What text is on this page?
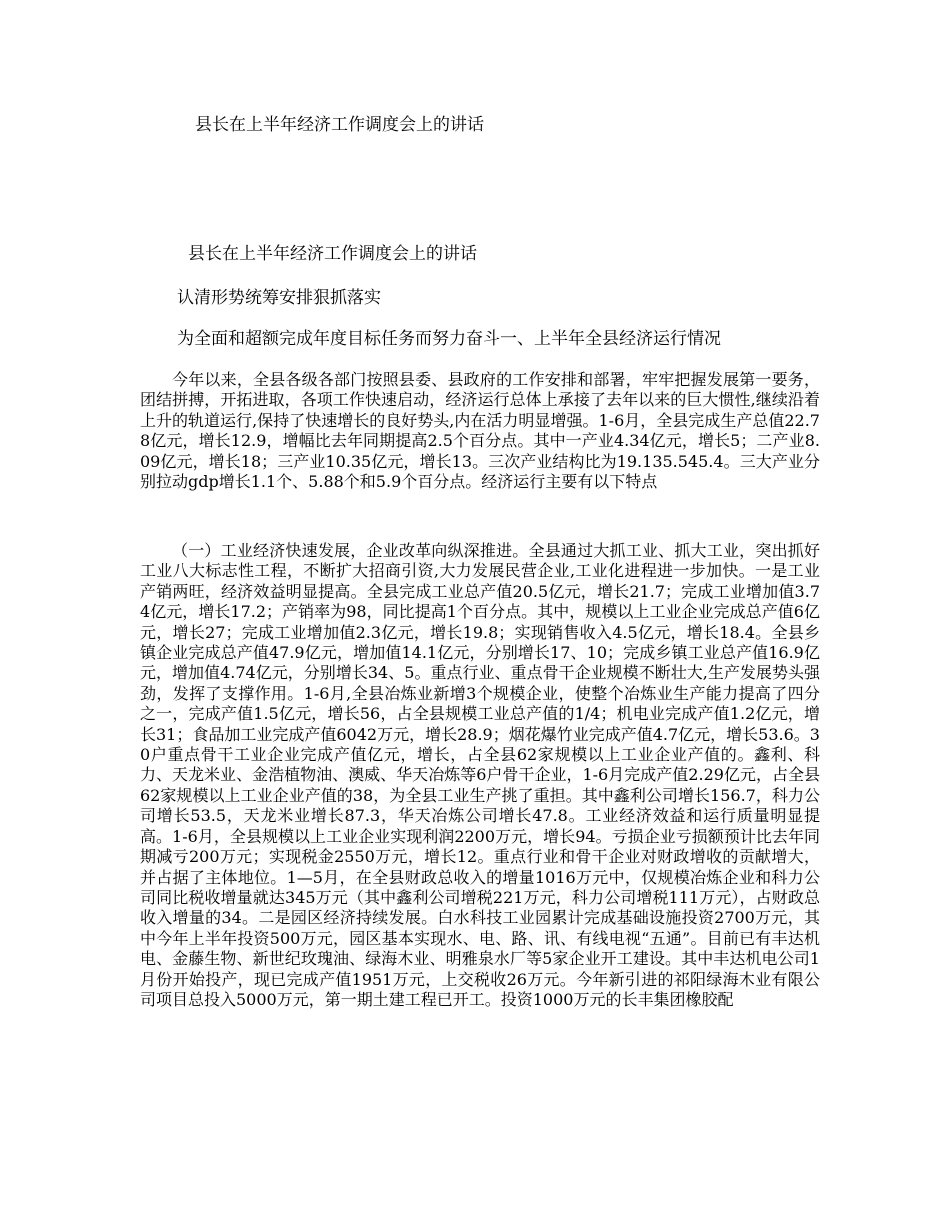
县长在上半年经济工作调度会上的讲话
县长在上半年经济工作调度会上的讲话
认清形势统筹安排狠抓落实
为全面和超额完成年度目标任务而努力奋斗一、上半年全县经济运行情况

今年以来，全县各级各部门按照县委、县政府的工作安排和部署，牢牢把握发展第一要务，团结拼搏，开拓进取，各项工作快速启动，经济运行总体上承接了去年以来的巨大惯性,继续沿着上升的轨道运行,保持了快速增长的良好势头,内在活力明显增强。1-6月，全县完成生产总值22.78亿元，增长12.9，增幅比去年同期提高2.5个百分点。其中一产业4.34亿元，增长5；二产业8.09亿元，增长18；三产业10.35亿元，增长13。三次产业结构比为19.135.545.4。三大产业分别拉动gdp增长1.1个、5.88个和5.9个百分点。经济运行主要有以下特点

（一）工业经济快速发展，企业改革向纵深推进。全县通过大抓工业、抓大工业，突出抓好工业八大标志性工程，不断扩大招商引资,大力发展民营企业,工业化进程进一步加快。一是工业产销两旺，经济效益明显提高。全县完成工业总产值20.5亿元，增长21.7；完成工业增加值3.74亿元，增长17.2；产销率为98，同比提高1个百分点。其中，规模以上工业企业完成总产值6亿元，增长27；完成工业增加值2.3亿元，增长19.8；实现销售收入4.5亿元，增长18.4。全县乡镇企业完成总产值47.9亿元，增加值14.1亿元，分别增长17、10；完成乡镇工业总产值16.9亿元，增加值4.74亿元，分别增长34、5。重点行业、重点骨干企业规模不断壮大,生产发展势头强劲，发挥了支撑作用。1-6月,全县冶炼业新增3个规模企业，使整个冶炼业生产能力提高了四分之一，完成产值1.5亿元，增长56，占全县规模工业总产值的1/4；机电业完成产值1.2亿元，增长31；食品加工业完成产值6042万元，增长28.9；烟花爆竹业完成产值4.7亿元，增长53.6。30户重点骨干工业企业完成产值亿元，增长，占全县62家规模以上工业企业产值的。鑫利、科力、天龙米业、金浩植物油、澳威、华天冶炼等6户骨干企业，1-6月完成产值2.29亿元，占全县62家规模以上工业企业产值的38，为全县工业生产挑了重担。其中鑫利公司增长156.7，科力公司增长53.5，天龙米业增长87.3，华天冶炼公司增长47.8。工业经济效益和运行质量明显提高。1-6月，全县规模以上工业企业实现利润2200万元，增长94。亏损企业亏损额预计比去年同期减亏200万元；实现税金2550万元，增长12。重点行业和骨干企业对财政增收的贡献增大，并占据了主体地位。1—5月，在全县财政总收入的增量1016万元中，仅规模冶炼企业和科力公司同比税收增量就达345万元（其中鑫利公司增税221万元，科力公司增税111万元），占财政总收入增量的34。二是园区经济持续发展。白水科技工业园累计完成基础设施投资2700万元，其中今年上半年投资500万元，园区基本实现水、电、路、讯、有线电视“五通”。目前已有丰达机电、金藤生物、新世纪玫瑰油、绿海木业、明雅泉水厂等5家企业开工建设。其中丰达机电公司1月份开始投产，现已完成产值1951万元，上交税收26万元。今年新引进的祁阳绿海木业有限公司项目总投入5000万元，第一期土建工程已开工。投资1000万元的长丰集团橡胶配
